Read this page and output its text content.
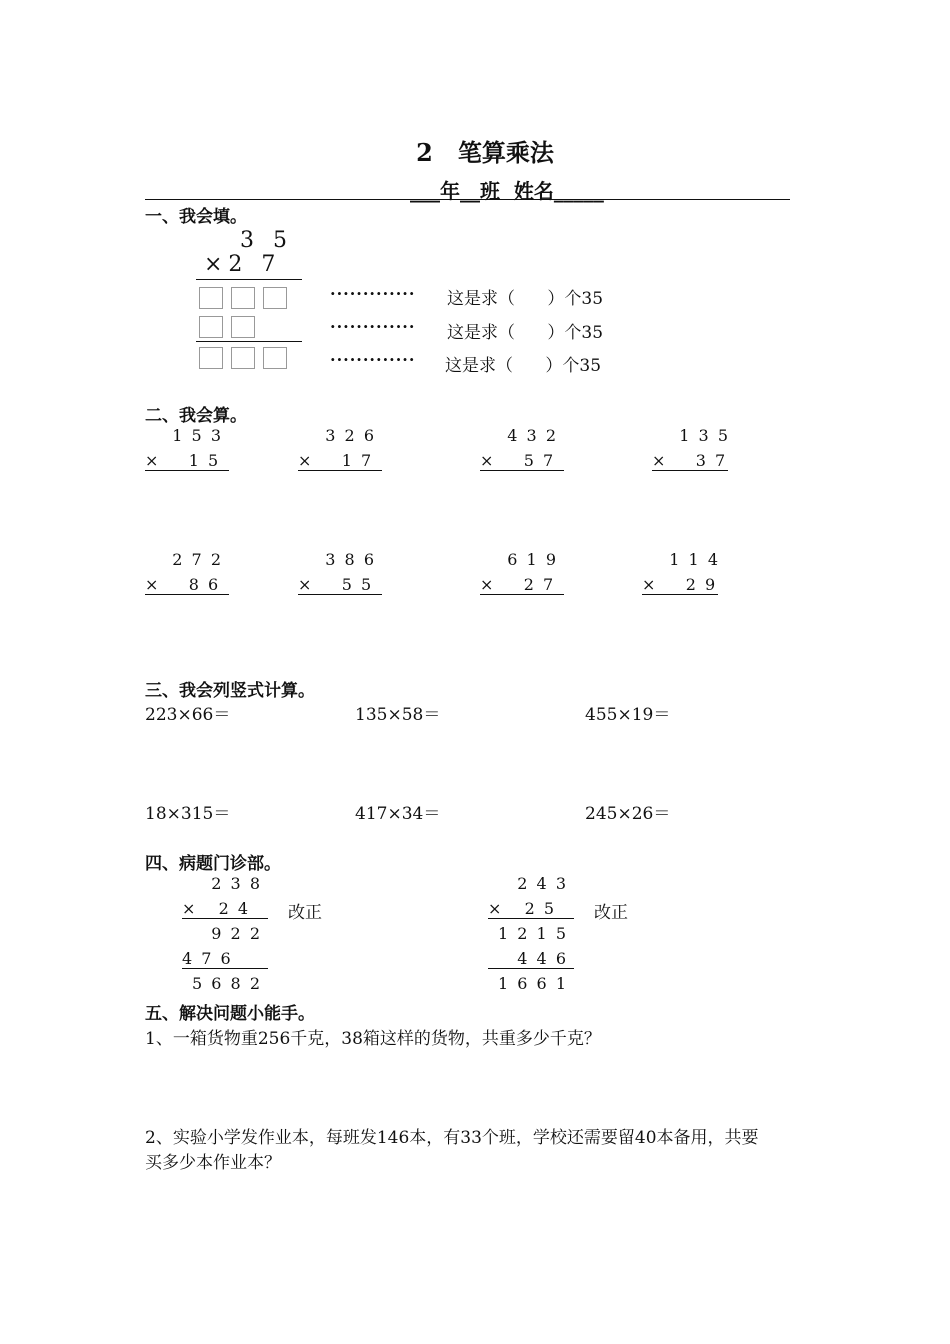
2   笔算乘法
___年__班  姓名_____
一、我会填。
3 5
×2 7
·············
·············
·············
这是求（      ）个35
这是求（      ）个35
这是求（      ）个35
二、我会算。
1 5 3
×    1 5
3 2 6
×    1 7
4 3 2
×    5 7
1 3 5
×    3 7
2 7 2
×    8 6
3 8 6
×    5 5
6 1 9
×    2 7
1 1 4
×    2 9
三、我会列竖式计算。
223×66＝	135×58＝	455×19＝
18×315＝	417×34＝	245×26＝
四、病题门诊部。
2 3 8
×   2 4	改正
9 2 2
4 7 6
5 6 8 2
2 4 3
×   2 5	改正
1 2 1 5
4 4 6
1 6 6 1
五、解决问题小能手。
1、一箱货物重256千克，38箱这样的货物，共重多少千克？
2、实验小学发作业本，每班发146本，有33个班，学校还需要留40本备用，共要
买多少本作业本？
